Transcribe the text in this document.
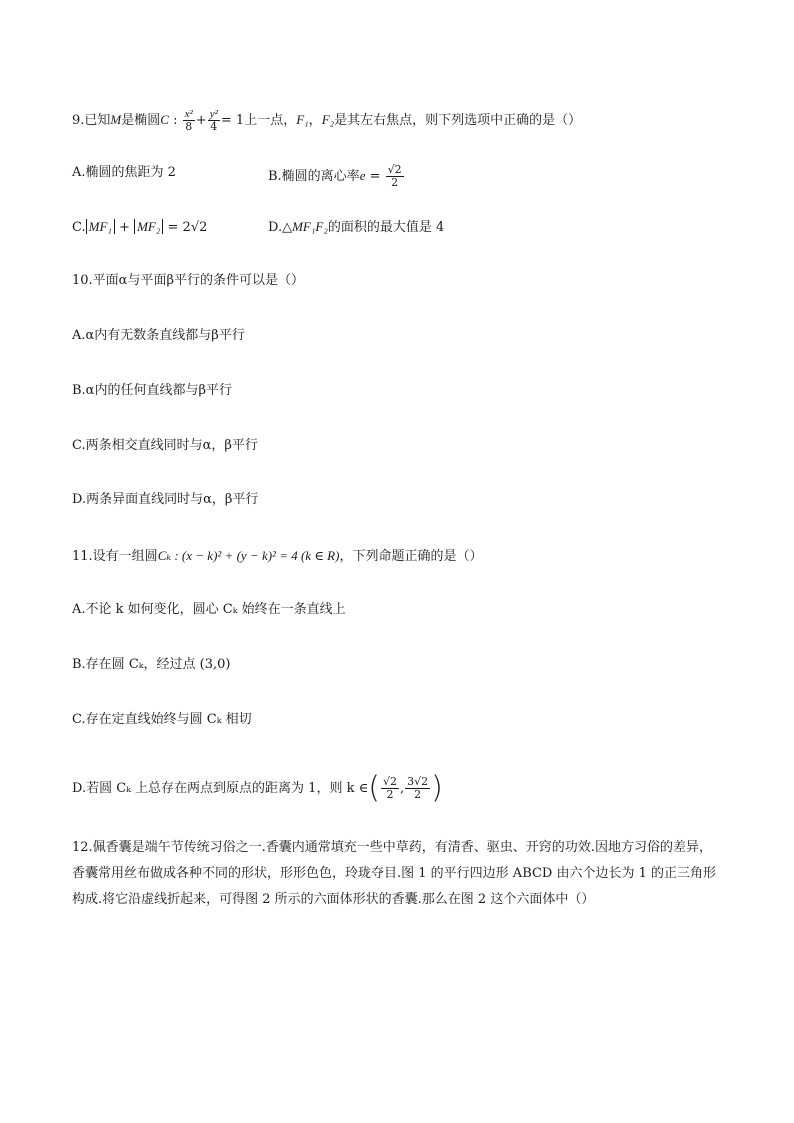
9.已知M是椭圆C : $\frac{\text{x²}}{8} + \frac{\text{y²}}{4} = 1$上一点，F₁，F₂是其左右焦点，则下列选项中正确的是（）
A.椭圆的焦距为 2	B.椭圆的离心率$e = \frac{√2}{2}$
C. MF₁ + MF₂ = 2√2	D.△MF₁F₂的面积的最大值是 4
10.平面α与平面β平行的条件可以是（）
A.α内有无数条直线都与β平行
B.α内的任何直线都与β平行
C.两条相交直线同时与α，β平行
D.两条异面直线同时与α，β平行
11.设有一组圆Cₖ : (x − k)² + (y − k)² = 4 (k ∈ R)，下列命题正确的是（）
A.不论 k 如何变化，圆心 Cₖ 始终在一条直线上
B.存在圆 Cₖ，经过点 (3,0)
C.存在定直线始终与圆 Cₖ 相切
D.若圆 Cₖ 上总存在两点到原点的距离为 1，则 k ∈( $\frac{√2}{2}$ , $\frac{3√2}{2}$ )
12.佩香囊是端午节传统习俗之一.香囊内通常填充一些中草药，有清香、驱虫、开窍的功效.因地方习俗的差异，香囊常用丝布做成各种不同的形状，形形色色，玲珑夺目.图 1 的平行四边形 ABCD 由六个边长为 1 的正三角形构成.将它沿虚线折起来，可得图 2 所示的六面体形状的香囊.那么在图 2 这个六面体中（）
